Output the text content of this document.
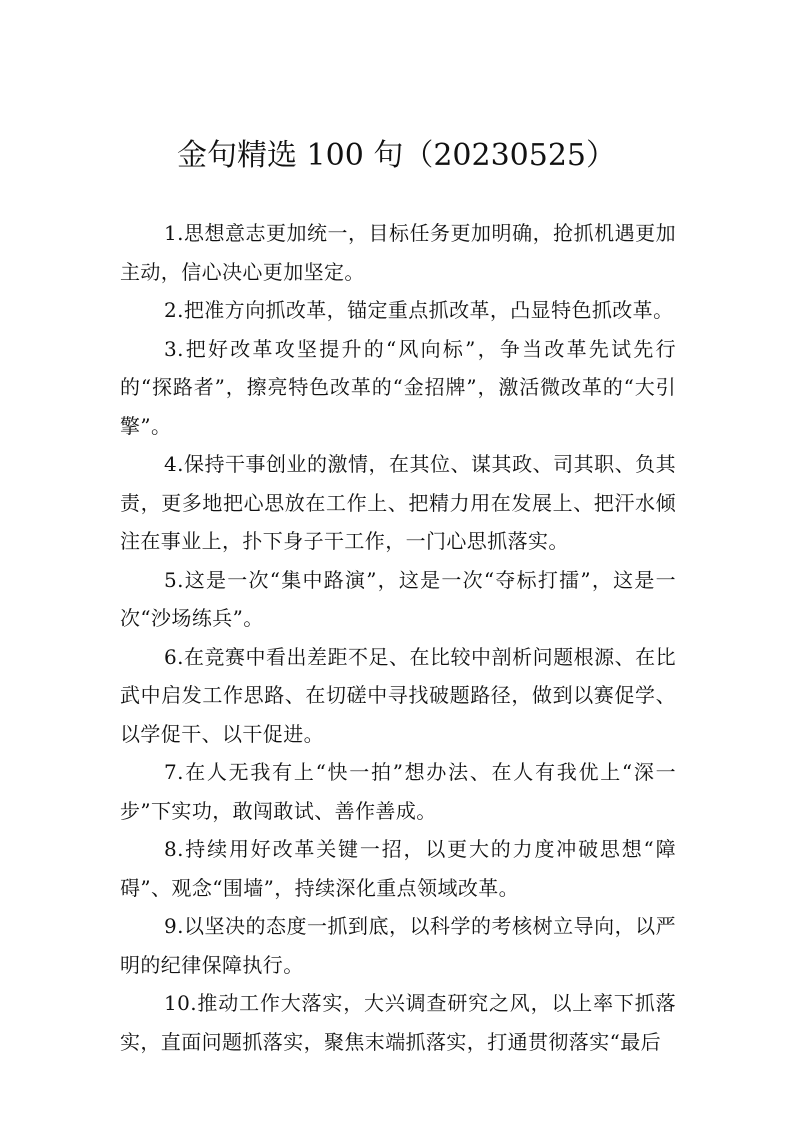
金句精选 100 句（20230525）

1.思想意志更加统一，目标任务更加明确，抢抓机遇更加主动，信心决心更加坚定。

2.把准方向抓改革，锚定重点抓改革，凸显特色抓改革。

3.把好改革攻坚提升的“风向标”，争当改革先试先行的“探路者”，擦亮特色改革的“金招牌”，激活微改革的“大引擎”。

4.保持干事创业的激情，在其位、谋其政、司其职、负其责，更多地把心思放在工作上、把精力用在发展上、把汗水倾注在事业上，扑下身子干工作，一门心思抓落实。

5.这是一次“集中路演”，这是一次“夺标打擂”，这是一次“沙场练兵”。

6.在竞赛中看出差距不足、在比较中剖析问题根源、在比武中启发工作思路、在切磋中寻找破题路径，做到以赛促学、以学促干、以干促进。

7.在人无我有上“快一拍”想办法、在人有我优上“深一步”下实功，敢闯敢试、善作善成。

8.持续用好改革关键一招，以更大的力度冲破思想“障碍”、观念“围墙”，持续深化重点领域改革。

9.以坚决的态度一抓到底，以科学的考核树立导向，以严明的纪律保障执行。

10.推动工作大落实，大兴调查研究之风，以上率下抓落实，直面问题抓落实，聚焦末端抓落实，打通贯彻落实“最后
